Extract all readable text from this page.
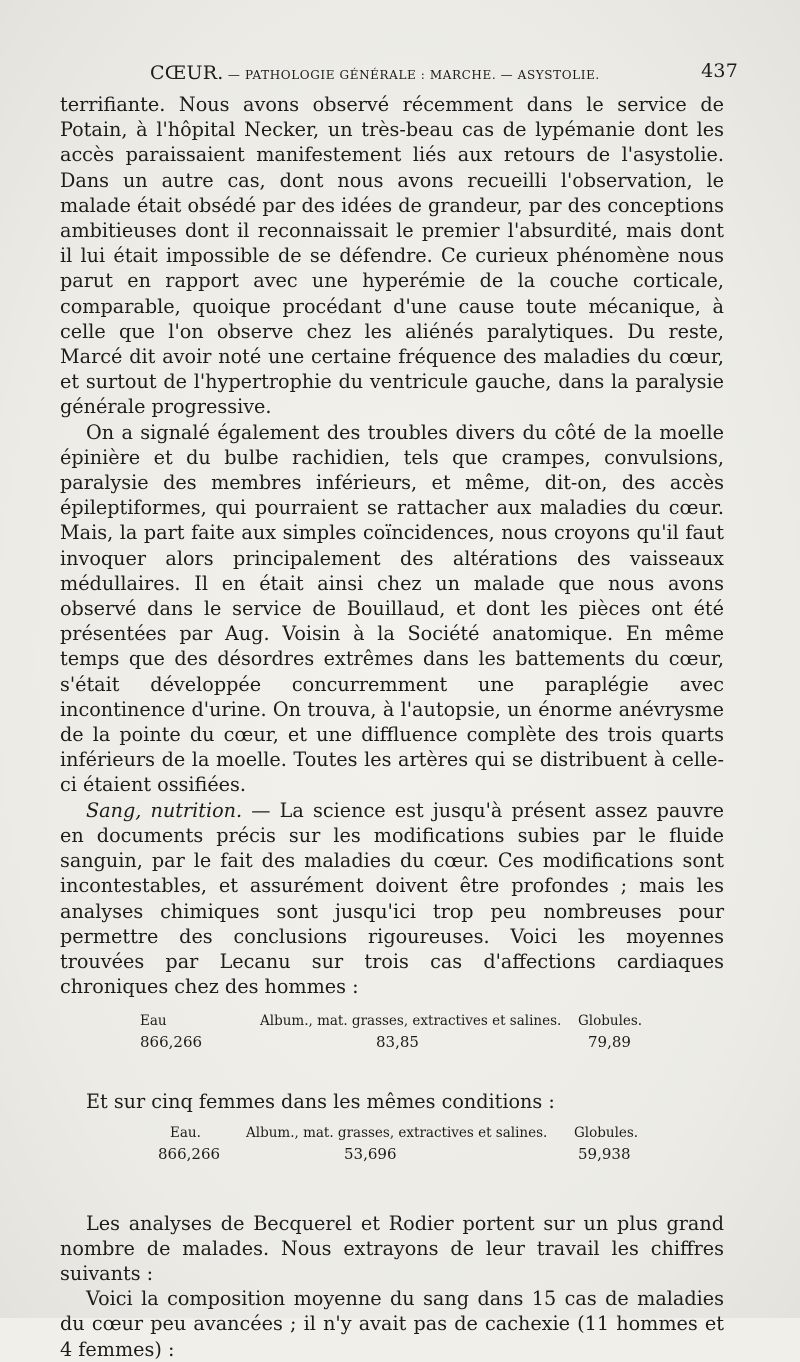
CŒUR. — PATHOLOGIE GÉNÉRALE : MARCHE. — ASYSTOLIE.	437

terrifiante. Nous avons observé récemment dans le service de Potain, à l'hôpital Necker, un très-beau cas de lypémanie dont les accès paraissaient manifestement liés aux retours de l'asystolie. Dans un autre cas, dont nous avons recueilli l'observation, le malade était obsédé par des idées de grandeur, par des conceptions ambitieuses dont il reconnaissait le premier l'absurdité, mais dont il lui était impossible de se défendre. Ce curieux phénomène nous parut en rapport avec une hyperémie de la couche corticale, comparable, quoique procédant d'une cause toute mécanique, à celle que l'on observe chez les aliénés paralytiques. Du reste, Marcé dit avoir noté une certaine fréquence des maladies du cœur, et surtout de l'hypertrophie du ventricule gauche, dans la paralysie générale progressive.

On a signalé également des troubles divers du côté de la moelle épinière et du bulbe rachidien, tels que crampes, convulsions, paralysie des membres inférieurs, et même, dit-on, des accès épileptiformes, qui pourraient se rattacher aux maladies du cœur. Mais, la part faite aux simples coïncidences, nous croyons qu'il faut invoquer alors principalement des altérations des vaisseaux médullaires. Il en était ainsi chez un malade que nous avons observé dans le service de Bouillaud, et dont les pièces ont été présentées par Aug. Voisin à la Société anatomique. En même temps que des désordres extrêmes dans les battements du cœur, s'était développée concurremment une paraplégie avec incontinence d'urine. On trouva, à l'autopsie, un énorme anévrysme de la pointe du cœur, et une diffluence complète des trois quarts inférieurs de la moelle. Toutes les artères qui se distribuent à celle-ci étaient ossifiées.

Sang, nutrition. — La science est jusqu'à présent assez pauvre en documents précis sur les modifications subies par le fluide sanguin, par le fait des maladies du cœur. Ces modifications sont incontestables, et assurément doivent être profondes ; mais les analyses chimiques sont jusqu'ici trop peu nombreuses pour permettre des conclusions rigoureuses. Voici les moyennes trouvées par Lecanu sur trois cas d'affections cardiaques chroniques chez des hommes :

Eau	Album., mat. grasses, extractives et salines. Globules.
866,266	83,85	79,89

Et sur cinq femmes dans les mêmes conditions :

Eau.	Album., mat. grasses, extractives et salines. Globules.
866,266	53,696	59,938

Les analyses de Becquerel et Rodier portent sur un plus grand nombre de malades. Nous extrayons de leur travail les chiffres suivants :

Voici la composition moyenne du sang dans 15 cas de maladies du cœur peu avancées ; il n'y avait pas de cachexie (11 hommes et 4 femmes) :
